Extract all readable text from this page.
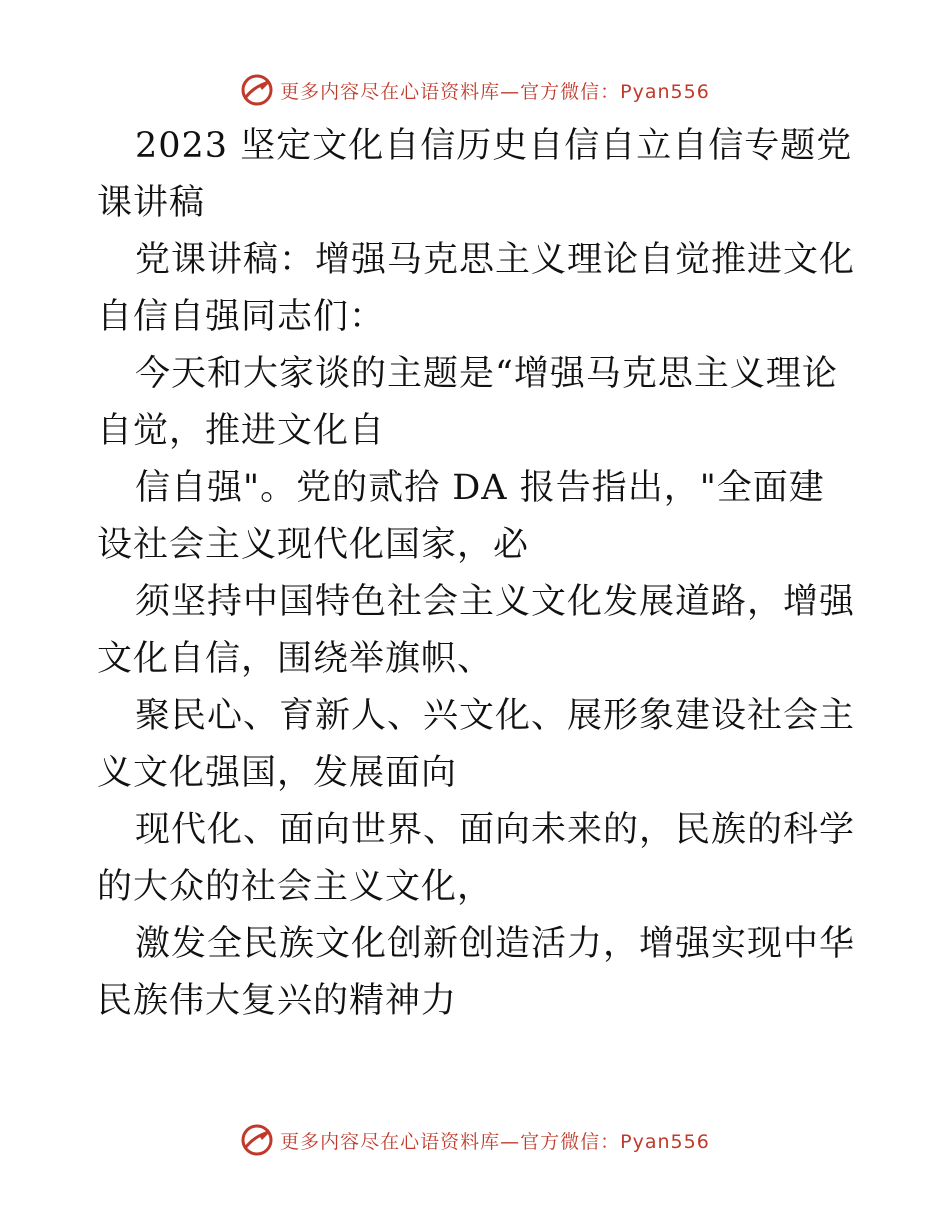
更多内容尽在心语资料库—官方微信：Pyan556

2023 坚定文化自信历史自信自立自信专题党课讲稿

党课讲稿：增强马克思主义理论自觉推进文化自信自强同志们：

今天和大家谈的主题是“增强马克思主义理论自觉，推进文化自

信自强"。党的贰拾 DA 报告指出，"全面建设社会主义现代化国家，必

须坚持中国特色社会主义文化发展道路，增强文化自信，围绕举旗帜、

聚民心、育新人、兴文化、展形象建设社会主义文化强国，发展面向

现代化、面向世界、面向未来的，民族的科学的大众的社会主义文化，

激发全民族文化创新创造活力，增强实现中华民族伟大复兴的精神力

更多内容尽在心语资料库—官方微信：Pyan556
